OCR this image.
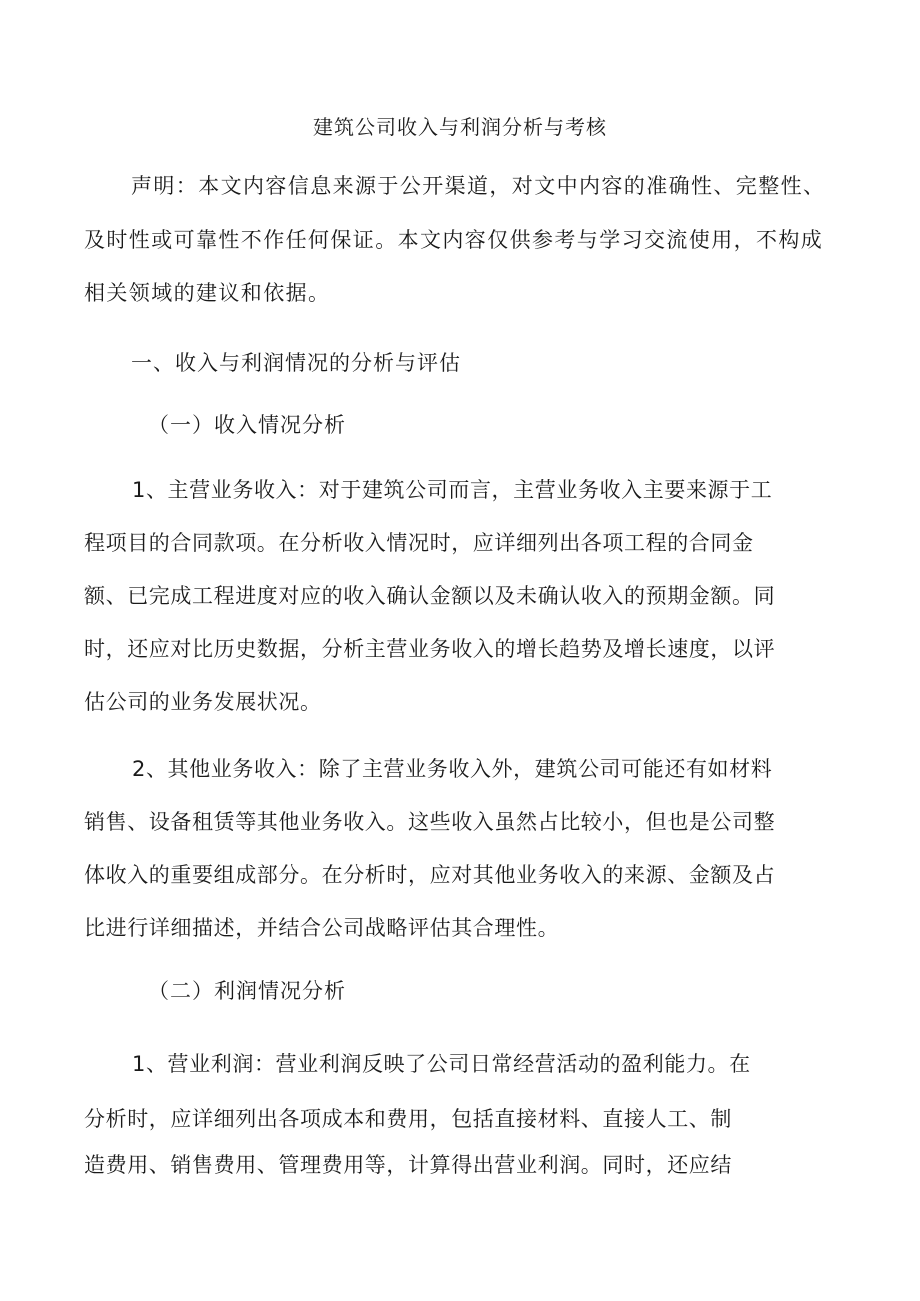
建筑公司收入与利润分析与考核
声明：本文内容信息来源于公开渠道，对文中内容的准确性、完整性、
及时性或可靠性不作任何保证。本文内容仅供参考与学习交流使用，不构成
相关领域的建议和依据。
一、收入与利润情况的分析与评估
（一）收入情况分析
1、主营业务收入：对于建筑公司而言，主营业务收入主要来源于工
程项目的合同款项。在分析收入情况时，应详细列出各项工程的合同金
额、已完成工程进度对应的收入确认金额以及未确认收入的预期金额。同
时，还应对比历史数据，分析主营业务收入的增长趋势及增长速度，以评
估公司的业务发展状况。
2、其他业务收入：除了主营业务收入外，建筑公司可能还有如材料
销售、设备租赁等其他业务收入。这些收入虽然占比较小，但也是公司整
体收入的重要组成部分。在分析时，应对其他业务收入的来源、金额及占
比进行详细描述，并结合公司战略评估其合理性。
（二）利润情况分析
1、营业利润：营业利润反映了公司日常经营活动的盈利能力。在
分析时，应详细列出各项成本和费用，包括直接材料、直接人工、制
造费用、销售费用、管理费用等，计算得出营业利润。同时，还应结
